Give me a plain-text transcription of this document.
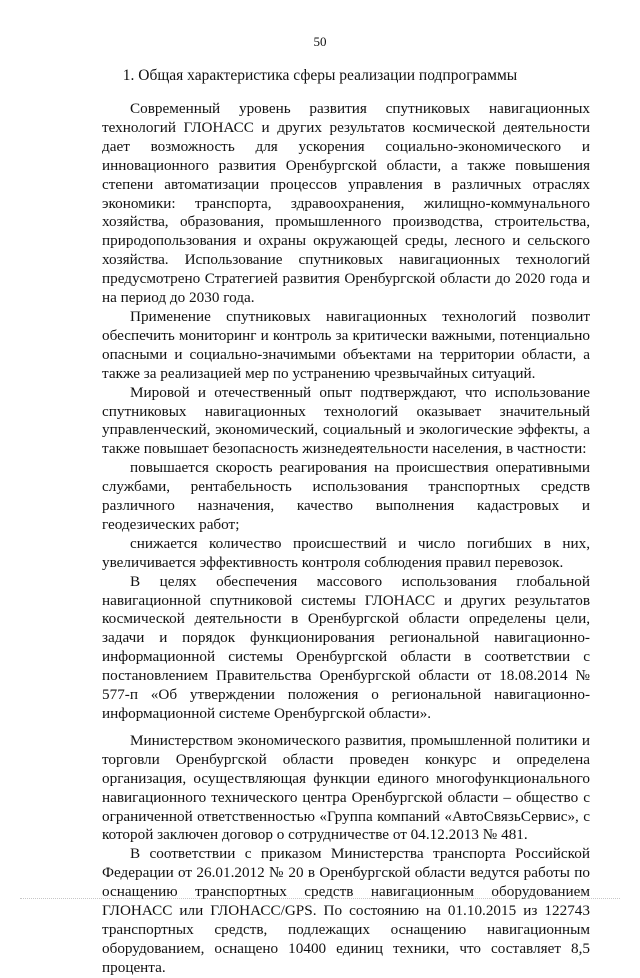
50
1. Общая характеристика сферы реализации подпрограммы

Современный уровень развития спутниковых навигационных технологий ГЛОНАСС и других результатов космической деятельности дает возможность для ускорения социально-экономического и инновационного развития Оренбургской области, а также повышения степени автоматизации процессов управления в различных отраслях экономики: транспорта, здравоохранения, жилищно-коммунального хозяйства, образования, промышленного производства, строительства, природопользования и охраны окружающей среды, лесного и сельского хозяйства. Использование спутниковых навигационных технологий предусмотрено Стратегией развития Оренбургской области до 2020 года и на период до 2030 года.

Применение спутниковых навигационных технологий позволит обеспечить мониторинг и контроль за критически важными, потенциально опасными и социально-значимыми объектами на территории области, а также за реализацией мер по устранению чрезвычайных ситуаций.

Мировой и отечественный опыт подтверждают, что использование спутниковых навигационных технологий оказывает значительный управленческий, экономический, социальный и экологические эффекты, а также повышает безопасность жизнедеятельности населения, в частности:

повышается скорость реагирования на происшествия оперативными службами, рентабельность использования транспортных средств различного назначения, качество выполнения кадастровых и геодезических работ;

снижается количество происшествий и число погибших в них, увеличивается эффективность контроля соблюдения правил перевозок.

В целях обеспечения массового использования глобальной навигационной спутниковой системы ГЛОНАСС и других результатов космической деятельности в Оренбургской области определены цели, задачи и порядок функционирования региональной навигационно-информационной системы Оренбургской области в соответствии с постановлением Правительства Оренбургской области от 18.08.2014 № 577-п «Об утверждении положения о региональной навигационно-информационной системе Оренбургской области».

Министерством экономического развития, промышленной политики и торговли Оренбургской области проведен конкурс и определена организация, осуществляющая функции единого многофункционального навигационного технического центра Оренбургской области – обществo с ограниченной ответственностью «Группа компаний «АвтоСвязьСервис», с которой заключен договор о сотрудничестве от 04.12.2013 № 481.

В соответствии с приказом Министерства транспорта Российской Федерации от 26.01.2012 № 20 в Оренбургской области ведутся работы по оснащению транспортных средств навигационным оборудованием ГЛОНАСС или ГЛОНАСС/GPS. По состоянию на 01.10.2015 из 122743 транспортных средств, подлежащих оснащению навигационным оборудованием, оснащено 10400 единиц техники, что составляет 8,5 процента.
